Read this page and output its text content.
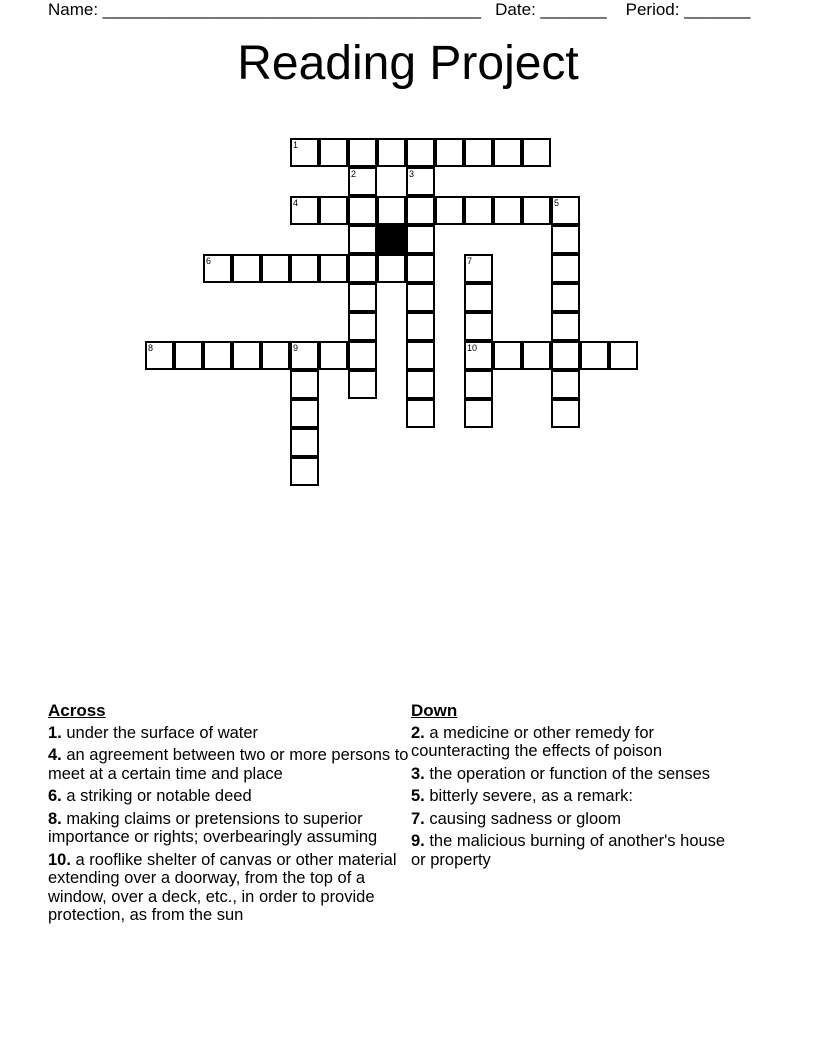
Name: ________________________________________ Date: _______ Period: _______
Reading Project
1
2	3
4	5
6	7
10
8	9
Across
1. under the surface of water
4. an agreement between two or more persons to meet at a certain time and place
6. a striking or notable deed
8. making claims or pretensions to superior importance or rights; overbearingly assuming
10. a rooflike shelter of canvas or other material extending over a doorway, from the top of a window, over a deck, etc., in order to provide protection, as from the sun
Down
2. a medicine or other remedy for counteracting the effects of poison
3. the operation or function of the senses
5. bitterly severe, as a remark:
7. causing sadness or gloom
9. the malicious burning of another's house or property
